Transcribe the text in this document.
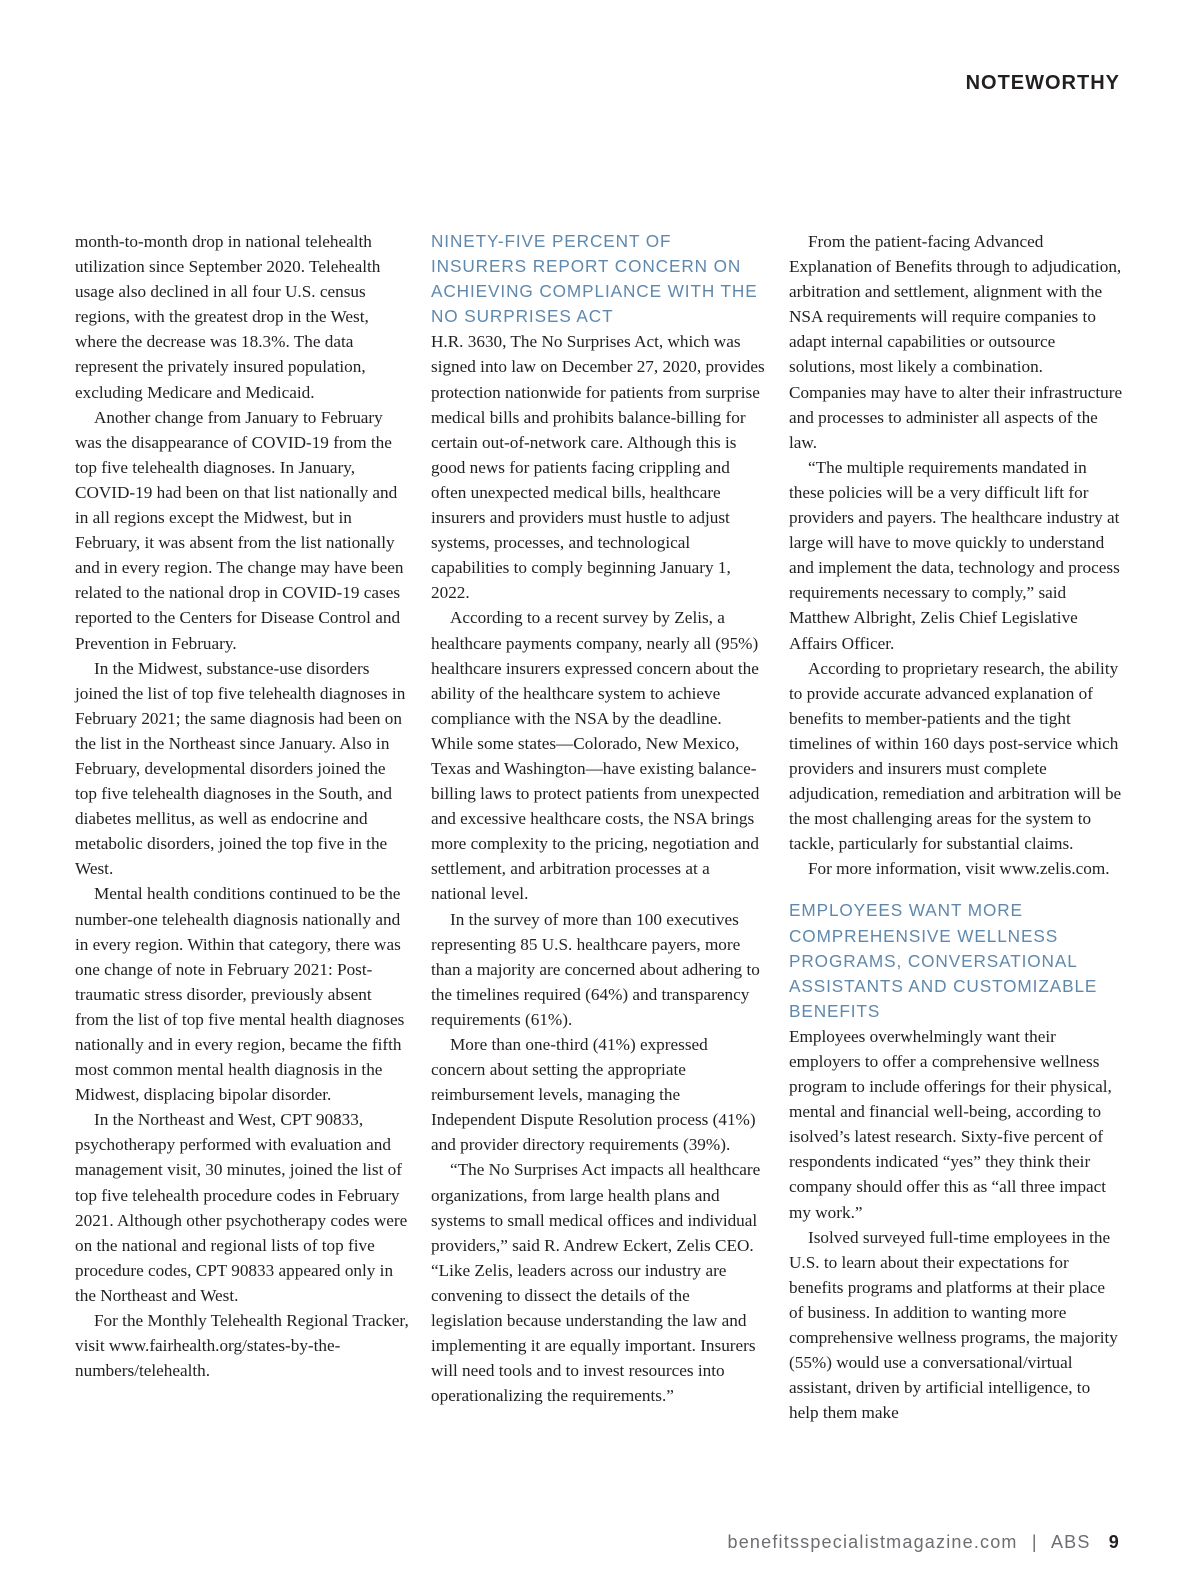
NOTEWORTHY

month-to-month drop in national telehealth utilization since September 2020. Telehealth usage also declined in all four U.S. census regions, with the greatest drop in the West, where the decrease was 18.3%. The data represent the privately insured population, excluding Medicare and Medicaid.

Another change from January to February was the disappearance of COVID-19 from the top five telehealth diagnoses. In January, COVID-19 had been on that list nationally and in all regions except the Midwest, but in February, it was absent from the list nationally and in every region. The change may have been related to the national drop in COVID-19 cases reported to the Centers for Disease Control and Prevention in February.

In the Midwest, substance-use disorders joined the list of top five telehealth diagnoses in February 2021; the same diagnosis had been on the list in the Northeast since January. Also in February, developmental disorders joined the top five telehealth diagnoses in the South, and diabetes mellitus, as well as endocrine and metabolic disorders, joined the top five in the West.

Mental health conditions continued to be the number-one telehealth diagnosis nationally and in every region. Within that category, there was one change of note in February 2021: Post-traumatic stress disorder, previously absent from the list of top five mental health diagnoses nationally and in every region, became the fifth most common mental health diagnosis in the Midwest, displacing bipolar disorder.

In the Northeast and West, CPT 90833, psychotherapy performed with evaluation and management visit, 30 minutes, joined the list of top five telehealth procedure codes in February 2021. Although other psychotherapy codes were on the national and regional lists of top five procedure codes, CPT 90833 appeared only in the Northeast and West.

For the Monthly Telehealth Regional Tracker, visit www.fairhealth.org/states-by-the-numbers/telehealth.

NINETY-FIVE PERCENT OF INSURERS REPORT CONCERN ON ACHIEVING COMPLIANCE WITH THE NO SURPRISES ACT

H.R. 3630, The No Surprises Act, which was signed into law on December 27, 2020, provides protection nationwide for patients from surprise medical bills and prohibits balance-billing for certain out-of-network care. Although this is good news for patients facing crippling and often unexpected medical bills, healthcare insurers and providers must hustle to adjust systems, processes, and technological capabilities to comply beginning January 1, 2022.

According to a recent survey by Zelis, a healthcare payments company, nearly all (95%) healthcare insurers expressed concern about the ability of the healthcare system to achieve compliance with the NSA by the deadline. While some states—Colorado, New Mexico, Texas and Washington—have existing balance-billing laws to protect patients from unexpected and excessive healthcare costs, the NSA brings more complexity to the pricing, negotiation and settlement, and arbitration processes at a national level.

In the survey of more than 100 executives representing 85 U.S. healthcare payers, more than a majority are concerned about adhering to the timelines required (64%) and transparency requirements (61%).

More than one-third (41%) expressed concern about setting the appropriate reimbursement levels, managing the Independent Dispute Resolution process (41%) and provider directory requirements (39%).

“The No Surprises Act impacts all healthcare organizations, from large health plans and systems to small medical offices and individual providers,” said R. Andrew Eckert, Zelis CEO. “Like Zelis, leaders across our industry are convening to dissect the details of the legislation because understanding the law and implementing it are equally important. Insurers will need tools and to invest resources into operationalizing the requirements.”

From the patient-facing Advanced Explanation of Benefits through to adjudication, arbitration and settlement, alignment with the NSA requirements will require companies to adapt internal capabilities or outsource solutions, most likely a combination. Companies may have to alter their infrastructure and processes to administer all aspects of the law.

“The multiple requirements mandated in these policies will be a very difficult lift for providers and payers. The healthcare industry at large will have to move quickly to understand and implement the data, technology and process requirements necessary to comply,” said Matthew Albright, Zelis Chief Legislative Affairs Officer.

According to proprietary research, the ability to provide accurate advanced explanation of benefits to member-patients and the tight timelines of within 160 days post-service which providers and insurers must complete adjudication, remediation and arbitration will be the most challenging areas for the system to tackle, particularly for substantial claims.

For more information, visit www.zelis.com.

EMPLOYEES WANT MORE COMPREHENSIVE WELLNESS PROGRAMS, CONVERSATIONAL ASSISTANTS AND CUSTOMIZABLE BENEFITS

Employees overwhelmingly want their employers to offer a comprehensive wellness program to include offerings for their physical, mental and financial well-being, according to isolved’s latest research. Sixty-five percent of respondents indicated “yes” they think their company should offer this as “all three impact my work.”

Isolved surveyed full-time employees in the U.S. to learn about their expectations for benefits programs and platforms at their place of business. In addition to wanting more comprehensive wellness programs, the majority (55%) would use a conversational/virtual assistant, driven by artificial intelligence, to help them make

benefitsspecialistmagazine.com | ABS 9
